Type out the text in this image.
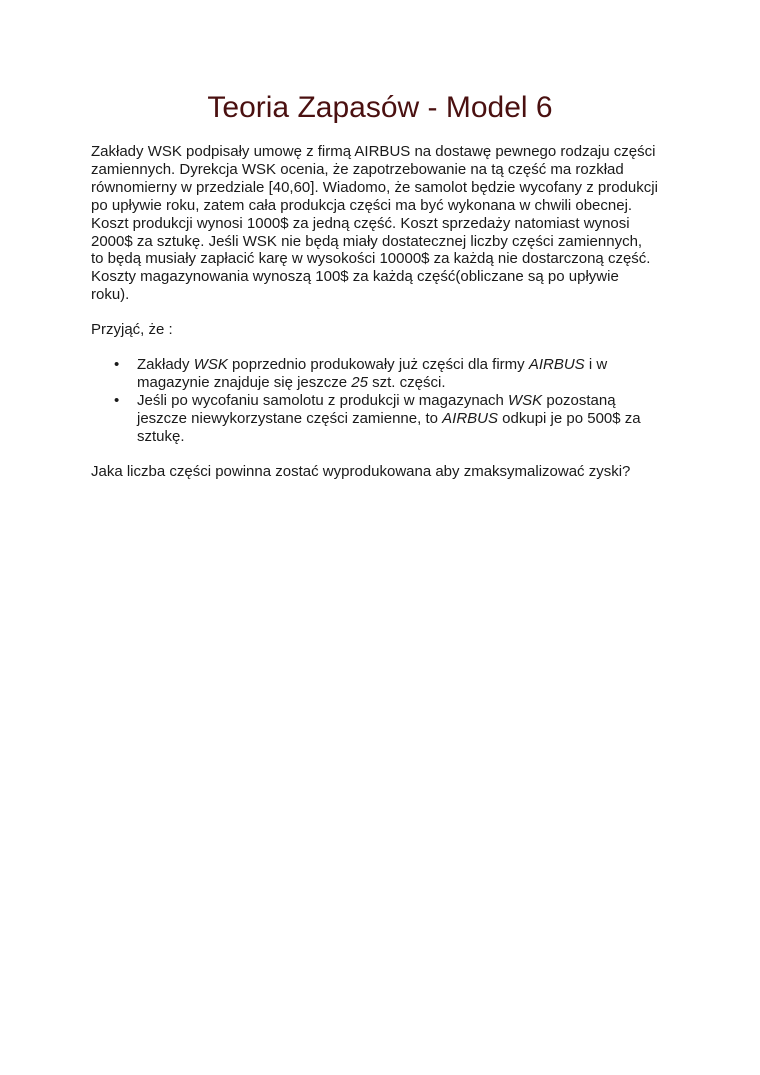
Teoria Zapasów - Model 6

Zakłady WSK podpisały umowę z firmą AIRBUS na dostawę pewnego rodzaju części
zamiennych. Dyrekcja WSK ocenia, że zapotrzebowanie na tą część ma rozkład
równomierny w przedziale [40,60]. Wiadomo, że samolot będzie wycofany z produkcji
po upływie roku, zatem cała produkcja części ma być wykonana w chwili obecnej.
Koszt produkcji wynosi 1000$ za jedną część. Koszt sprzedaży natomiast wynosi
2000$ za sztukę. Jeśli WSK nie będą miały dostatecznej liczby części zamiennych,
to będą musiały zapłacić karę w wysokości 10000$ za każdą nie dostarczoną część.
Koszty magazynowania wynoszą 100$ za każdą część(obliczane są po upływie
roku).

Przyjąć, że :

• Zakłady WSK poprzednio produkowały już części dla firmy AIRBUS i w
magazynie znajduje się jeszcze 25 szt. części.
• Jeśli po wycofaniu samolotu z produkcji w magazynach WSK pozostaną
jeszcze niewykorzystane części zamienne, to AIRBUS odkupi je po 500$ za
sztukę.

Jaka liczba części powinna zostać wyprodukowana aby zmaksymalizować zyski?
